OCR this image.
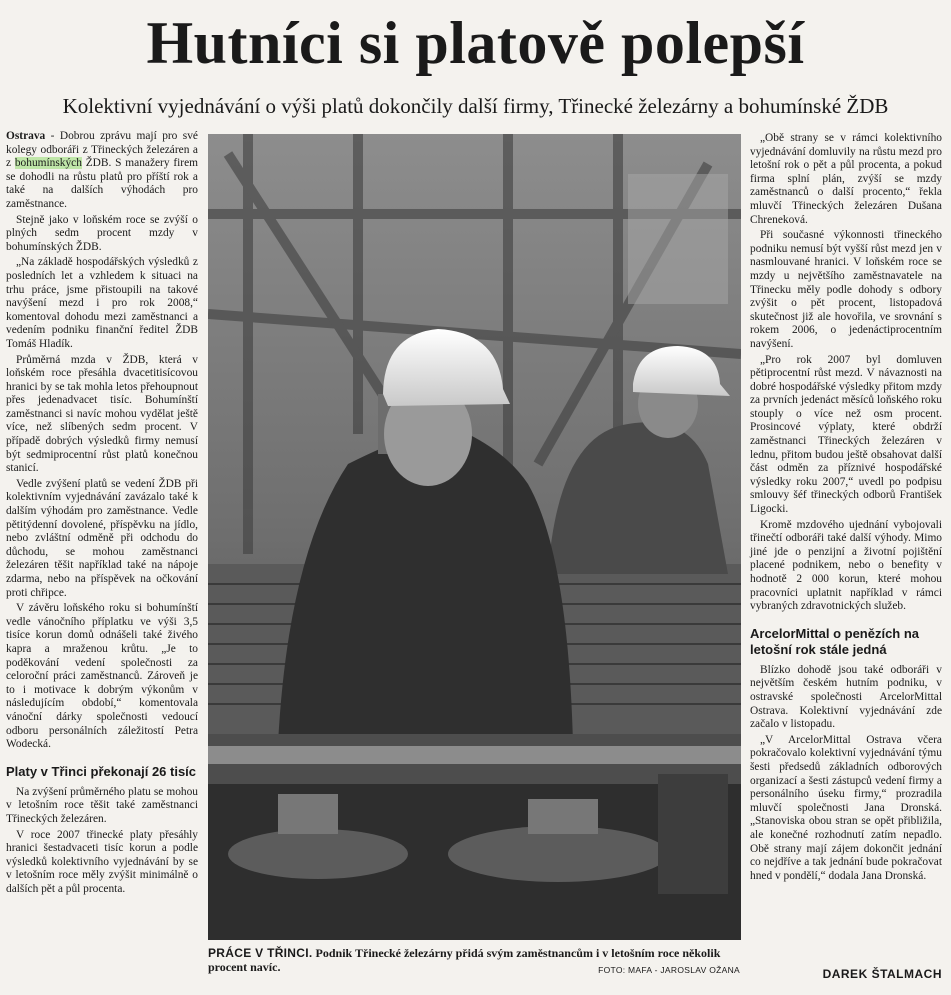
Hutníci si platově polepší
Kolektivní vyjednávání o výši platů dokončily další firmy, Třinecké železárny a bohumínské ŽDB

Ostrava - Dobrou zprávu mají pro své kolegy odboráři z Třineckých železáren a z bohumínských ŽDB. S manažery firem se dohodli na růstu platů pro příští rok a také na dalších výhodách pro zaměstnance.

Stejně jako v loňském roce se zvýší o plných sedm procent mzdy v bohumínských ŽDB.

„Na základě hospodářských výsledků z posledních let a vzhledem k situaci na trhu práce, jsme přistoupili na takové navýšení mezd i pro rok 2008,“ komentoval dohodu mezi zaměstnanci a vedením podniku finanční ředitel ŽDB Tomáš Hladík.

Průměrná mzda v ŽDB, která v loňském roce přesáhla dvacetitisícovou hranici by se tak mohla letos přehoupnout přes jedenadvacet tisíc. Bohumínští zaměstnanci si navíc mohou vydělat ještě více, než slíbených sedm procent. V případě dobrých výsledků firmy nemusí být sedmiprocentní růst platů konečnou stanicí.

Vedle zvýšení platů se vedení ŽDB při kolektivním vyjednávání zavázalo také k dalším výhodám pro zaměstnance. Vedle pětitýdenní dovolené, příspěvku na jídlo, nebo zvláštní odměně při odchodu do důchodu, se mohou zaměstnanci železáren těšit například také na nápoje zdarma, nebo na příspěvek na očkování proti chřipce.

V závěru loňského roku si bohumínští vedle vánočního příplatku ve výši 3,5 tisíce korun domů odnášeli také živého kapra a mraženou krůtu. „Je to poděkování vedení společnosti za celoroční práci zaměstnanců. Zároveň je to i motivace k dobrým výkonům v následujícím období,“ komentovala vánoční dárky společnosti vedoucí odboru personálních záležitostí Petra Wodecká.

Platy v Třinci překonají 26 tisíc

Na zvýšení průměrného platu se mohou v letošním roce těšit také zaměstnanci Třineckých železáren.

V roce 2007 třinecké platy přesáhly hranici šestadvaceti tisíc korun a podle výsledků kolektivního vyjednávání by se v letošním roce měly zvýšit minimálně o dalších pět a půl procenta.

PRÁCE V TŘINCI. Podnik Třinecké železárny přidá svým zaměstnancům i v letošním roce několik procent navíc.	FOTO: MAFA - JAROSLAV OŽANA

„Obě strany se v rámci kolektivního vyjednávání domluvily na růstu mezd pro letošní rok o pět a půl procenta, a pokud firma splní plán, zvýší se mzdy zaměstnanců o další procento,“ řekla mluvčí Třineckých železáren Dušana Chreneková.

Při současné výkonnosti třineckého podniku nemusí být vyšší růst mezd jen v nasmlouvané hranici. V loňském roce se mzdy u největšího zaměstnavatele na Třinecku měly podle dohody s odbory zvýšit o pět procent, listopadová skutečnost již ale hovořila, ve srovnání s rokem 2006, o jedenáctiprocentním navýšení.

„Pro rok 2007 byl domluven pětiprocentní růst mezd. V návaznosti na dobré hospodářské výsledky přitom mzdy za prvních jedenáct měsíců loňského roku stouply o více než osm procent. Prosincové výplaty, které obdrží zaměstnanci Třineckých železáren v lednu, přitom budou ještě obsahovat další část odměn za příznivé hospodářské výsledky roku 2007,“ uvedl po podpisu smlouvy šéf třineckých odborů František Ligocki.

Kromě mzdového ujednání vybojovali třinečtí odboráři také další výhody. Mimo jiné jde o penzijní a životní pojištění placené podnikem, nebo o benefity v hodnotě 2 000 korun, které mohou pracovníci uplatnit například v rámci vybraných zdravotnických služeb.

ArcelorMittal o penězích na letošní rok stále jedná

Blízko dohodě jsou také odboráři v největším českém hutním podniku, v ostravské společnosti ArcelorMittal Ostrava. Kolektivní vyjednávání zde začalo v listopadu.

„V ArcelorMittal Ostrava včera pokračovalo kolektivní vyjednávání týmu šesti předsedů základních odborových organizací a šesti zástupců vedení firmy a personálního úseku firmy,“ prozradila mluvčí společnosti Jana Dronská. „Stanoviska obou stran se opět přibližila, ale konečné rozhodnutí zatím nepadlo. Obě strany mají zájem dokončit jednání co nejdříve a tak jednání bude pokračovat hned v pondělí,“ dodala Jana Dronská.

DAREK ŠTALMACH
